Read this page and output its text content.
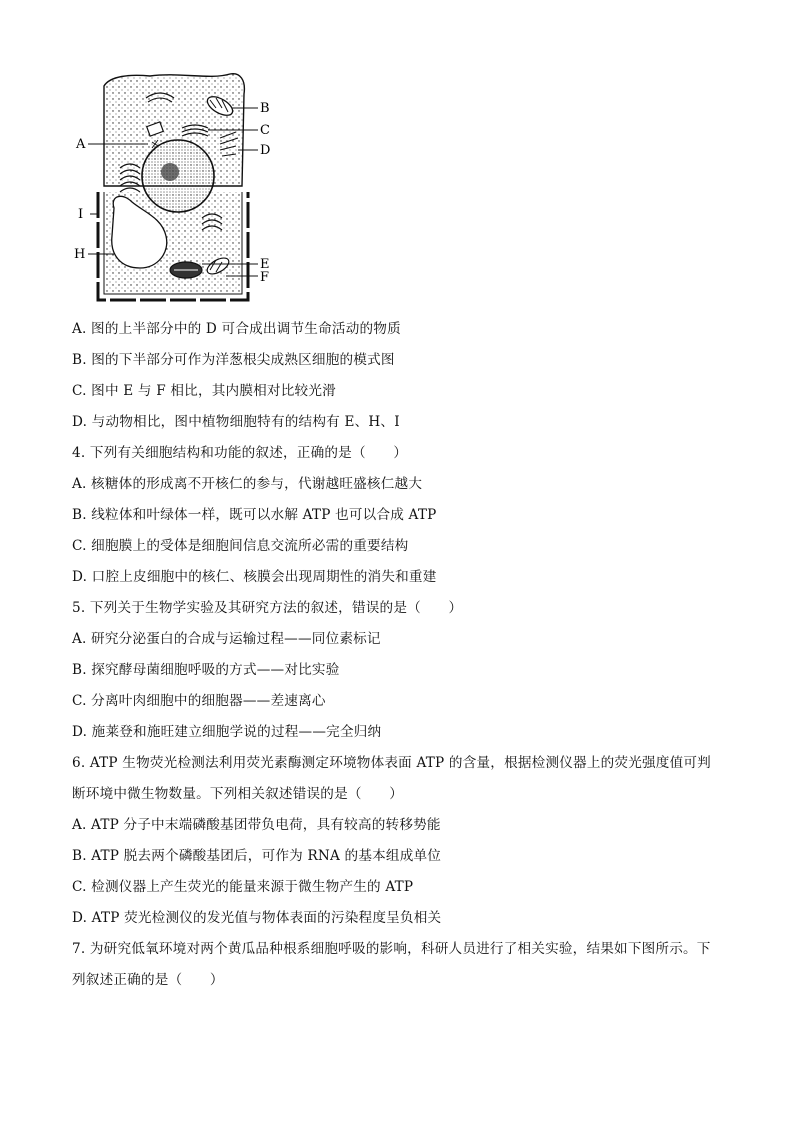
A
B
C
D
E
F
H
I
A. 图的上半部分中的 D 可合成出调节生命活动的物质
B. 图的下半部分可作为洋葱根尖成熟区细胞的模式图
C. 图中 E 与 F 相比，其内膜相对比较光滑
D. 与动物相比，图中植物细胞特有的结构有 E、H、I
4. 下列有关细胞结构和功能的叙述，正确的是（　　）
A. 核糖体的形成离不开核仁的参与，代谢越旺盛核仁越大
B. 线粒体和叶绿体一样，既可以水解 ATP 也可以合成 ATP
C. 细胞膜上的受体是细胞间信息交流所必需的重要结构
D. 口腔上皮细胞中的核仁、核膜会出现周期性的消失和重建
5. 下列关于生物学实验及其研究方法的叙述，错误的是（　　）
A. 研究分泌蛋白的合成与运输过程——同位素标记
B. 探究酵母菌细胞呼吸的方式——对比实验
C. 分离叶肉细胞中的细胞器——差速离心
D. 施莱登和施旺建立细胞学说的过程——完全归纳
6. ATP 生物荧光检测法利用荧光素酶测定环境物体表面 ATP 的含量，根据检测仪器上的荧光强度值可判
断环境中微生物数量。下列相关叙述错误的是（　　）
A. ATP 分子中末端磷酸基团带负电荷，具有较高的转移势能
B. ATP 脱去两个磷酸基团后，可作为 RNA 的基本组成单位
C. 检测仪器上产生荧光的能量来源于微生物产生的 ATP
D. ATP 荧光检测仪的发光值与物体表面的污染程度呈负相关
7. 为研究低氧环境对两个黄瓜品种根系细胞呼吸的影响，科研人员进行了相关实验，结果如下图所示。下
列叙述正确的是（　　）
